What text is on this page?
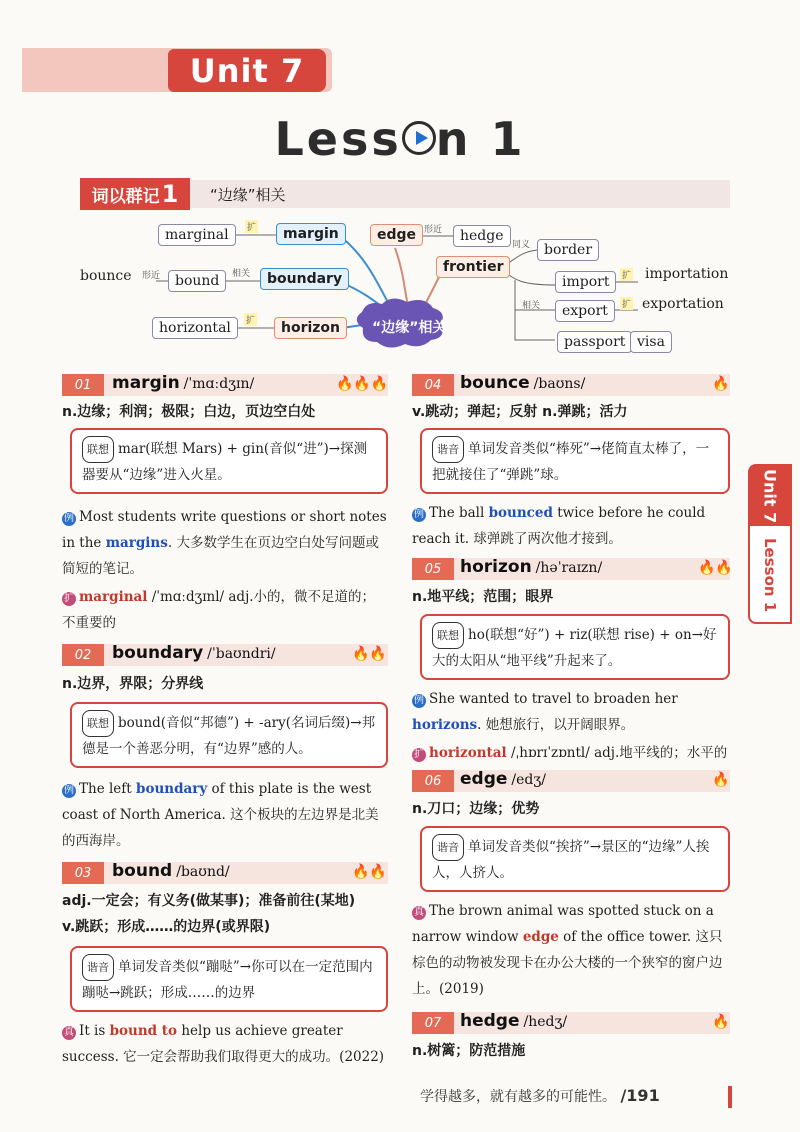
Unit 7
Less n 1
词以群记 1 “边缘”相关
“边缘”相关
marginal	扩	margin
bounce 形近	bound	相关	boundary
horizontal	扩	horizon
edge 形近	hedge
frontier
同义 border
相关
import	扩 importation
export	扩 exportation
passport visa
01	margin /ˈmɑːdʒɪn/	🔥🔥🔥
n.边缘；利润；极限；白边，页边空白处
联想 mar(联想 Mars) + gin(音似“进”)→探测器要从“边缘”进入火星。
例 Most students write questions or short notes in the margins. 大多数学生在页边空白处写问题或简短的笔记。
扩 marginal /ˈmɑːdʒɪnl/ adj.小的，微不足道的；不重要的
02	boundary /ˈbaʊndri/	🔥🔥
n.边界，界限；分界线
联想 bound(音似“邦德”) + -ary(名词后缀)→邦德是一个善恶分明，有“边界”感的人。
例 The left boundary of this plate is the west coast of North America. 这个板块的左边界是北美的西海岸。
03	bound /baʊnd/	🔥🔥
adj.一定会；有义务(做某事)；准备前往(某地)
v.跳跃；形成……的边界(或界限)
谐音 单词发音类似“蹦哒”→你可以在一定范围内蹦哒→跳跃；形成……的边界
真 It is bound to help us achieve greater success. 它一定会帮助我们取得更大的成功。(2022)
04	bounce /baʊns/	🔥
v.跳动；弹起；反射 n.弹跳；活力
谐音 单词发音类似“棒死”→佬简直太棒了，一把就接住了“弹跳”球。
例 The ball bounced twice before he could reach it. 球弹跳了两次他才接到。
05	horizon /həˈraɪzn/	🔥🔥
n.地平线；范围；眼界
联想 ho(联想“好”) + riz(联想 rise) + on→好大的太阳从“地平线”升起来了。
例 She wanted to travel to broaden her horizons. 她想旅行，以开阔眼界。
扩 horizontal /ˌhɒrɪˈzɒntl/ adj.地平线的；水平的
06	edge /edʒ/	🔥
n.刀口；边缘；优势
谐音 单词发音类似“挨挤”→景区的“边缘”人挨人，人挤人。
真 The brown animal was spotted stuck on a narrow window edge of the office tower. 这只棕色的动物被发现卡在办公大楼的一个狭窄的窗户边上。(2019)
07	hedge /hedʒ/	🔥
n.树篱；防范措施
Unit 7
Lesson 1
学得越多，就有越多的可能性。 /191
